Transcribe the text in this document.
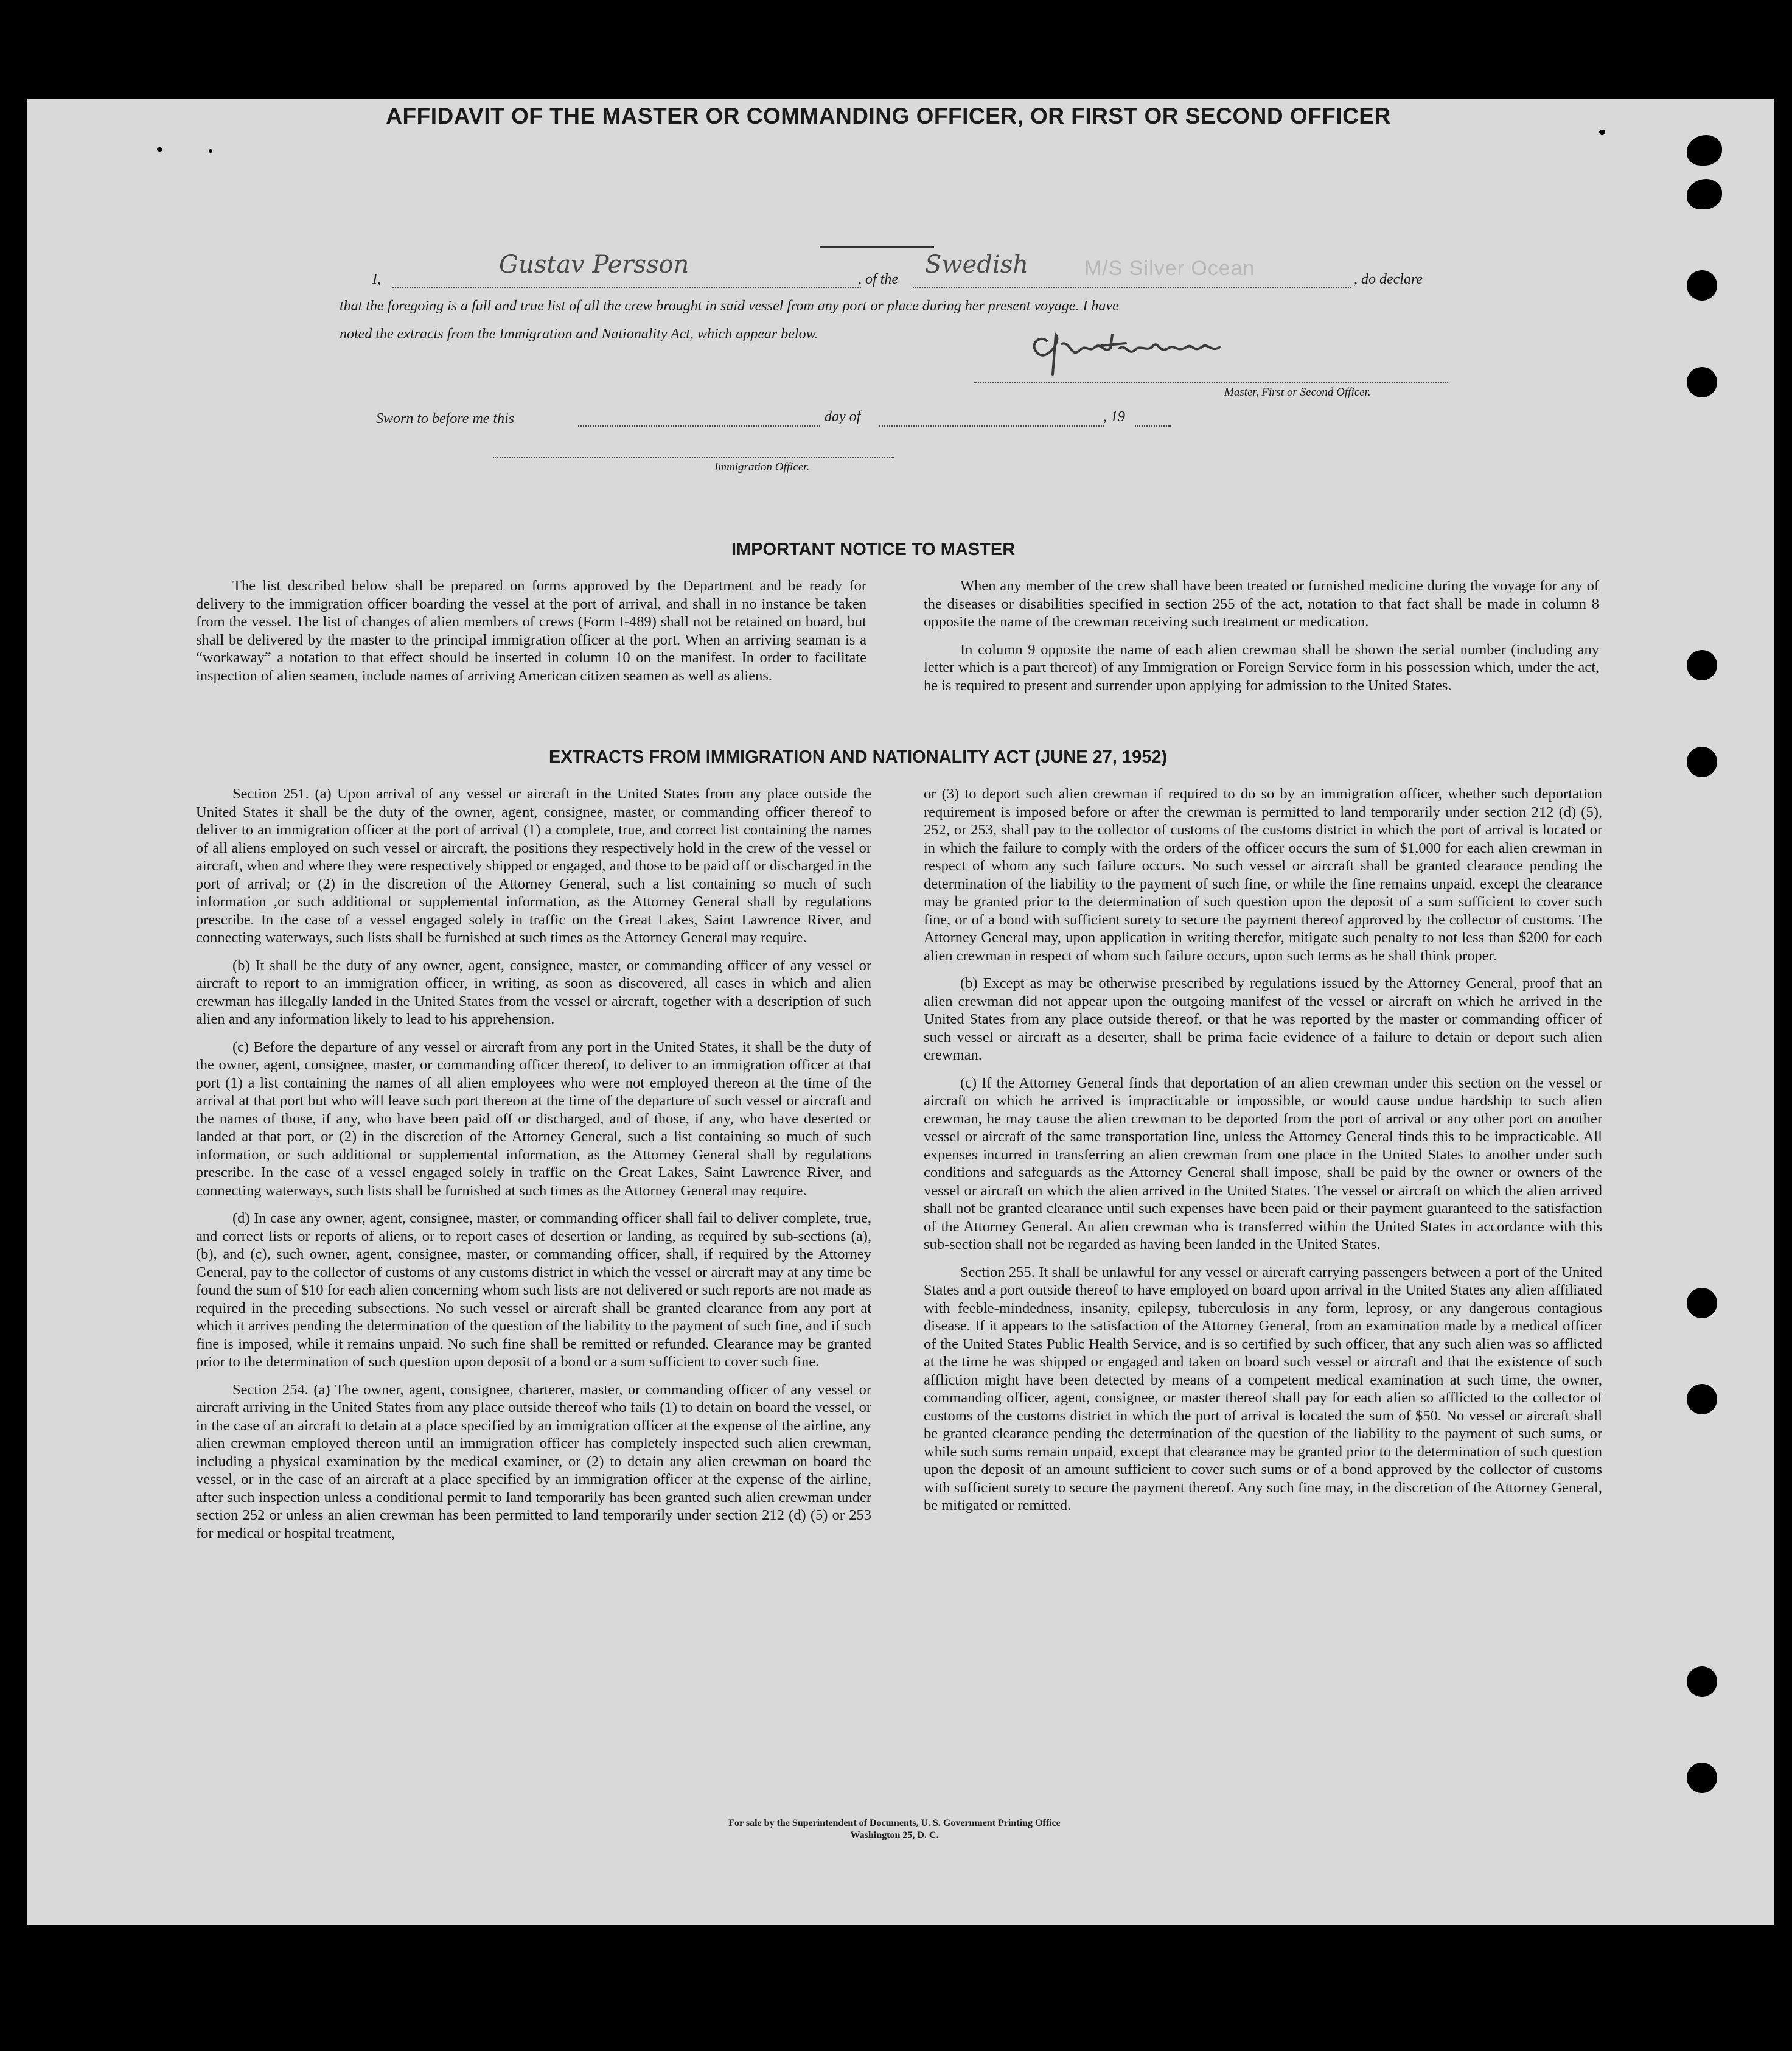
AFFIDAVIT OF THE MASTER OR COMMANDING OFFICER, OR FIRST OR SECOND OFFICER
I,
Gustav Persson
, of the
Swedish	M/S Silver Ocean	, do declare
that the foregoing is a full and true list of all the crew brought in said vessel from any port or place during her present voyage. I have
noted the extracts from the Immigration and Nationality Act, which appear below.
Master, First or Second Officer.
Sworn to before me this	day of	, 19
Immigration Officer.
IMPORTANT NOTICE TO MASTER

The list described below shall be prepared on forms approved by the Department and be ready for delivery to the immigration officer boarding the vessel at the port of arrival, and shall in no instance be taken from the vessel. The list of changes of alien members of crews (Form I-489) shall not be retained on board, but shall be delivered by the master to the principal immigration officer at the port. When an arriving seaman is a “workaway” a notation to that effect should be inserted in column 10 on the manifest. In order to facilitate inspection of alien seamen, include names of arriving American citizen seamen as well as aliens.

When any member of the crew shall have been treated or furnished medicine during the voyage for any of the diseases or disabilities specified in section 255 of the act, notation to that fact shall be made in column 8 opposite the name of the crewman receiving such treatment or medication.

In column 9 opposite the name of each alien crewman shall be shown the serial number (including any letter which is a part thereof) of any Immigration or Foreign Service form in his possession which, under the act, he is required to present and surrender upon applying for admission to the United States.

EXTRACTS FROM IMMIGRATION AND NATIONALITY ACT (JUNE 27, 1952)

Section 251. (a) Upon arrival of any vessel or aircraft in the United States from any place outside the United States it shall be the duty of the owner, agent, consignee, master, or commanding officer thereof to deliver to an immigration officer at the port of arrival (1) a complete, true, and correct list containing the names of all aliens employed on such vessel or aircraft, the positions they respectively hold in the crew of the vessel or aircraft, when and where they were respectively shipped or engaged, and those to be paid off or discharged in the port of arrival; or (2) in the discretion of the Attorney General, such a list containing so much of such information ,or such additional or supplemental information, as the Attorney General shall by regulations prescribe. In the case of a vessel engaged solely in traffic on the Great Lakes, Saint Lawrence River, and connecting waterways, such lists shall be furnished at such times as the Attorney General may require.

(b) It shall be the duty of any owner, agent, consignee, master, or commanding officer of any vessel or aircraft to report to an immigration officer, in writing, as soon as discovered, all cases in which and alien crewman has illegally landed in the United States from the vessel or aircraft, together with a description of such alien and any information likely to lead to his apprehension.

(c) Before the departure of any vessel or aircraft from any port in the United States, it shall be the duty of the owner, agent, consignee, master, or commanding officer thereof, to deliver to an immigration officer at that port (1) a list containing the names of all alien employees who were not employed thereon at the time of the arrival at that port but who will leave such port thereon at the time of the departure of such vessel or aircraft and the names of those, if any, who have been paid off or discharged, and of those, if any, who have deserted or landed at that port, or (2) in the discretion of the Attorney General, such a list containing so much of such information, or such additional or supplemental information, as the Attorney General shall by regulations prescribe. In the case of a vessel engaged solely in traffic on the Great Lakes, Saint Lawrence River, and connecting waterways, such lists shall be furnished at such times as the Attorney General may require.

(d) In case any owner, agent, consignee, master, or commanding officer shall fail to deliver complete, true, and correct lists or reports of aliens, or to report cases of desertion or landing, as required by sub-sections (a), (b), and (c), such owner, agent, consignee, master, or commanding officer, shall, if required by the Attorney General, pay to the collector of customs of any customs district in which the vessel or aircraft may at any time be found the sum of $10 for each alien concerning whom such lists are not delivered or such reports are not made as required in the preceding subsections. No such vessel or aircraft shall be granted clearance from any port at which it arrives pending the determination of the question of the liability to the payment of such fine, and if such fine is imposed, while it remains unpaid. No such fine shall be remitted or refunded. Clearance may be granted prior to the determination of such question upon deposit of a bond or a sum sufficient to cover such fine.

Section 254. (a) The owner, agent, consignee, charterer, master, or commanding officer of any vessel or aircraft arriving in the United States from any place outside thereof who fails (1) to detain on board the vessel, or in the case of an aircraft to detain at a place specified by an immigration officer at the expense of the airline, any alien crewman employed thereon until an immigration officer has completely inspected such alien crewman, including a physical examination by the medical examiner, or (2) to detain any alien crewman on board the vessel, or in the case of an aircraft at a place specified by an immigration officer at the expense of the airline, after such inspection unless a conditional permit to land temporarily has been granted such alien crewman under section 252 or unless an alien crewman has been permitted to land temporarily under section 212 (d) (5) or 253 for medical or hospital treatment,

or (3) to deport such alien crewman if required to do so by an immigration officer, whether such deportation requirement is imposed before or after the crewman is permitted to land temporarily under section 212 (d) (5), 252, or 253, shall pay to the collector of customs of the customs district in which the port of arrival is located or in which the failure to comply with the orders of the officer occurs the sum of $1,000 for each alien crewman in respect of whom any such failure occurs. No such vessel or aircraft shall be granted clearance pending the determination of the liability to the payment of such fine, or while the fine remains unpaid, except the clearance may be granted prior to the determination of such question upon the deposit of a sum sufficient to cover such fine, or of a bond with sufficient surety to secure the payment thereof approved by the collector of customs. The Attorney General may, upon application in writing therefor, mitigate such penalty to not less than $200 for each alien crewman in respect of whom such failure occurs, upon such terms as he shall think proper.

(b) Except as may be otherwise prescribed by regulations issued by the Attorney General, proof that an alien crewman did not appear upon the outgoing manifest of the vessel or aircraft on which he arrived in the United States from any place outside thereof, or that he was reported by the master or commanding officer of such vessel or aircraft as a deserter, shall be prima facie evidence of a failure to detain or deport such alien crewman.

(c) If the Attorney General finds that deportation of an alien crewman under this section on the vessel or aircraft on which he arrived is impracticable or impossible, or would cause undue hardship to such alien crewman, he may cause the alien crewman to be deported from the port of arrival or any other port on another vessel or aircraft of the same transportation line, unless the Attorney General finds this to be impracticable. All expenses incurred in transferring an alien crewman from one place in the United States to another under such conditions and safeguards as the Attorney General shall impose, shall be paid by the owner or owners of the vessel or aircraft on which the alien arrived in the United States. The vessel or aircraft on which the alien arrived shall not be granted clearance until such expenses have been paid or their payment guaranteed to the satisfaction of the Attorney General. An alien crewman who is transferred within the United States in accordance with this sub-section shall not be regarded as having been landed in the United States.

Section 255. It shall be unlawful for any vessel or aircraft carrying passengers between a port of the United States and a port outside thereof to have employed on board upon arrival in the United States any alien affiliated with feeble-mindedness, insanity, epilepsy, tuberculosis in any form, leprosy, or any dangerous contagious disease. If it appears to the satisfaction of the Attorney General, from an examination made by a medical officer of the United States Public Health Service, and is so certified by such officer, that any such alien was so afflicted at the time he was shipped or engaged and taken on board such vessel or aircraft and that the existence of such affliction might have been detected by means of a competent medical examination at such time, the owner, commanding officer, agent, consignee, or master thereof shall pay for each alien so afflicted to the collector of customs of the customs district in which the port of arrival is located the sum of $50. No vessel or aircraft shall be granted clearance pending the determination of the question of the liability to the payment of such sums, or while such sums remain unpaid, except that clearance may be granted prior to the determination of such question upon the deposit of an amount sufficient to cover such sums or of a bond approved by the collector of customs with sufficient surety to secure the payment thereof. Any such fine may, in the discretion of the Attorney General, be mitigated or remitted.

For sale by the Superintendent of Documents, U. S. Government Printing Office
Washington 25, D. C.
